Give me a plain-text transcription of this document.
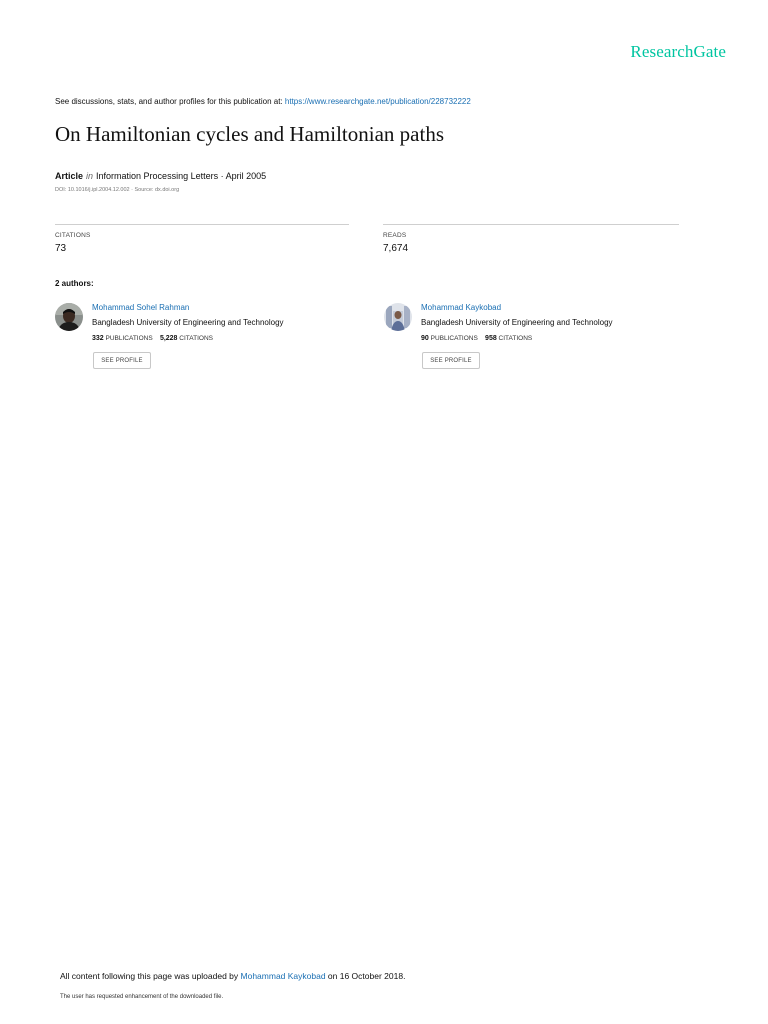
ResearchGate
See discussions, stats, and author profiles for this publication at: https://www.researchgate.net/publication/228732222
On Hamiltonian cycles and Hamiltonian paths
Article in Information Processing Letters · April 2005
DOI: 10.1016/j.ipl.2004.12.002 · Source: dx.doi.org
CITATIONS
73
READS
7,674
2 authors:
Mohammad Sohel Rahman
Bangladesh University of Engineering and Technology
332 PUBLICATIONS 5,228 CITATIONS
SEE PROFILE
Mohammad Kaykobad
Bangladesh University of Engineering and Technology
90 PUBLICATIONS 958 CITATIONS
SEE PROFILE
All content following this page was uploaded by Mohammad Kaykobad on 16 October 2018.
The user has requested enhancement of the downloaded file.
